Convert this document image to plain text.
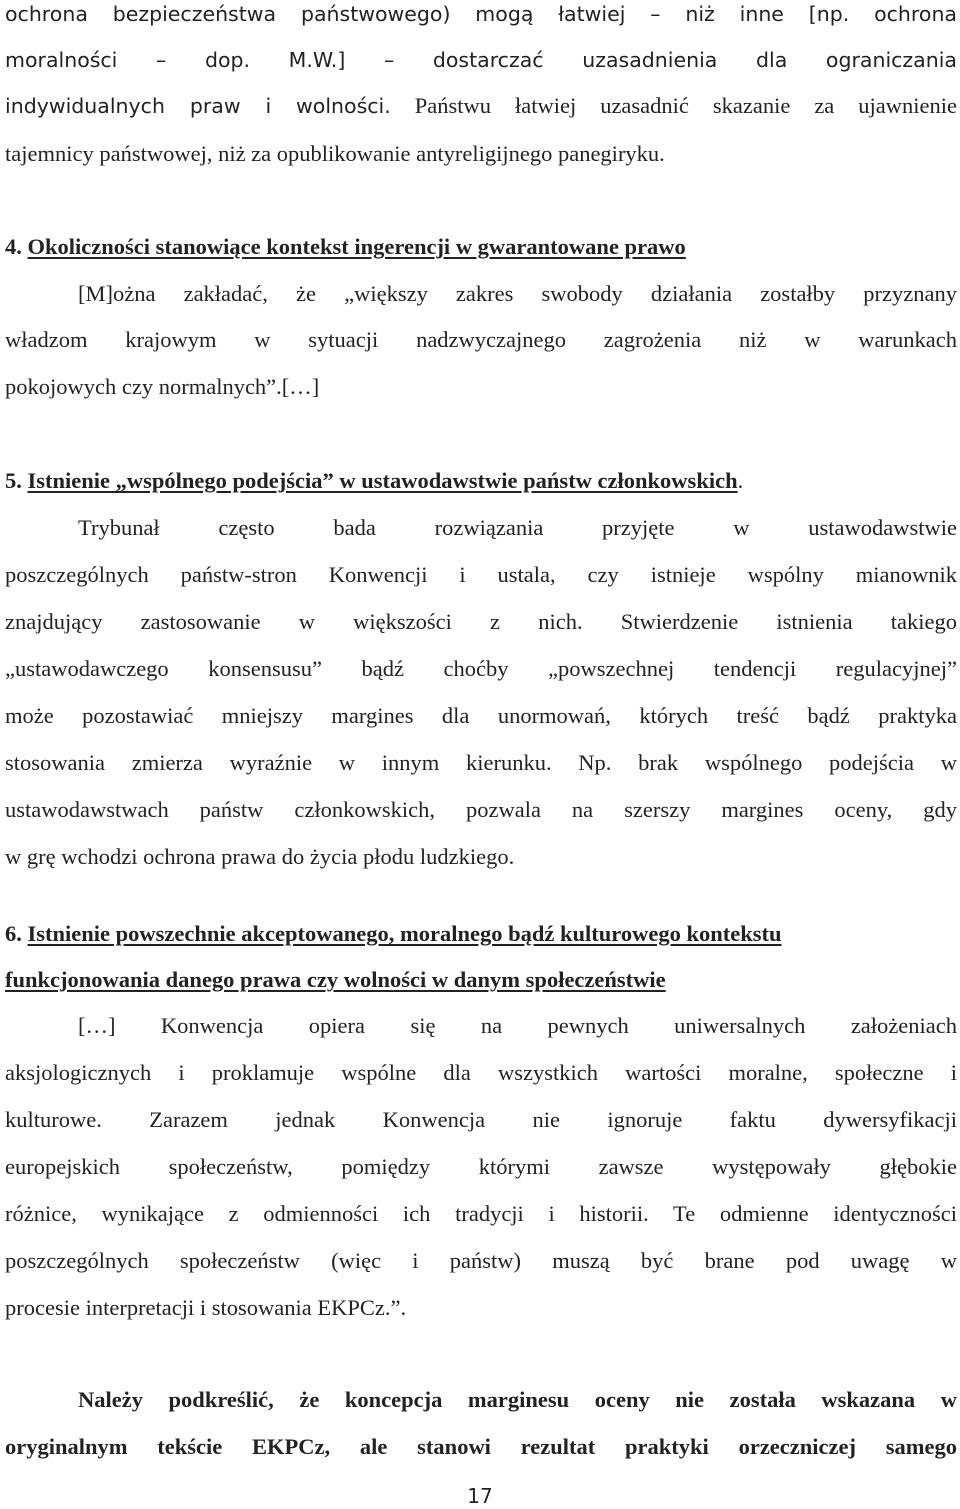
ochrona bezpieczeństwa państwowego) mogą łatwiej – niż inne [np. ochrona
moralności – dop. M.W.] – dostarczać uzasadnienia dla ograniczania
indywidualnych praw i wolności. Państwu łatwiej uzasadnić skazanie za ujawnienie
tajemnicy państwowej, niż za opublikowanie antyreligijnego panegiryku.
4. Okoliczności stanowiące kontekst ingerencji w gwarantowane prawo
[M]ożna zakładać, że „większy zakres swobody działania zostałby przyznany
władzom krajowym w sytuacji nadzwyczajnego zagrożenia niż w warunkach
pokojowych czy normalnych”.[…]
5. Istnienie „wspólnego podejścia” w ustawodawstwie państw członkowskich.
Trybunał często bada rozwiązania przyjęte w ustawodawstwie
poszczególnych państw-stron Konwencji i ustala, czy istnieje wspólny mianownik
znajdujący zastosowanie w większości z nich. Stwierdzenie istnienia takiego
„ustawodawczego konsensusu” bądź choćby „powszechnej tendencji regulacyjnej”
może pozostawiać mniejszy margines dla unormowań, których treść bądź praktyka
stosowania zmierza wyraźnie w innym kierunku. Np. brak wspólnego podejścia w
ustawodawstwach państw członkowskich, pozwala na szerszy margines oceny, gdy
w grę wchodzi ochrona prawa do życia płodu ludzkiego.
6. Istnienie powszechnie akceptowanego, moralnego bądź kulturowego kontekstu
funkcjonowania danego prawa czy wolności w danym społeczeństwie
[…] Konwencja opiera się na pewnych uniwersalnych założeniach
aksjologicznych i proklamuje wspólne dla wszystkich wartości moralne, społeczne i
kulturowe. Zarazem jednak Konwencja nie ignoruje faktu dywersyfikacji
europejskich społeczeństw, pomiędzy którymi zawsze występowały głębokie
różnice, wynikające z odmienności ich tradycji i historii. Te odmienne identyczności
poszczególnych społeczeństw (więc i państw) muszą być brane pod uwagę w
procesie interpretacji i stosowania EKPCz.”.
Należy podkreślić, że koncepcja marginesu oceny nie została wskazana w
oryginalnym tekście EKPCz, ale stanowi rezultat praktyki orzeczniczej samego
17
